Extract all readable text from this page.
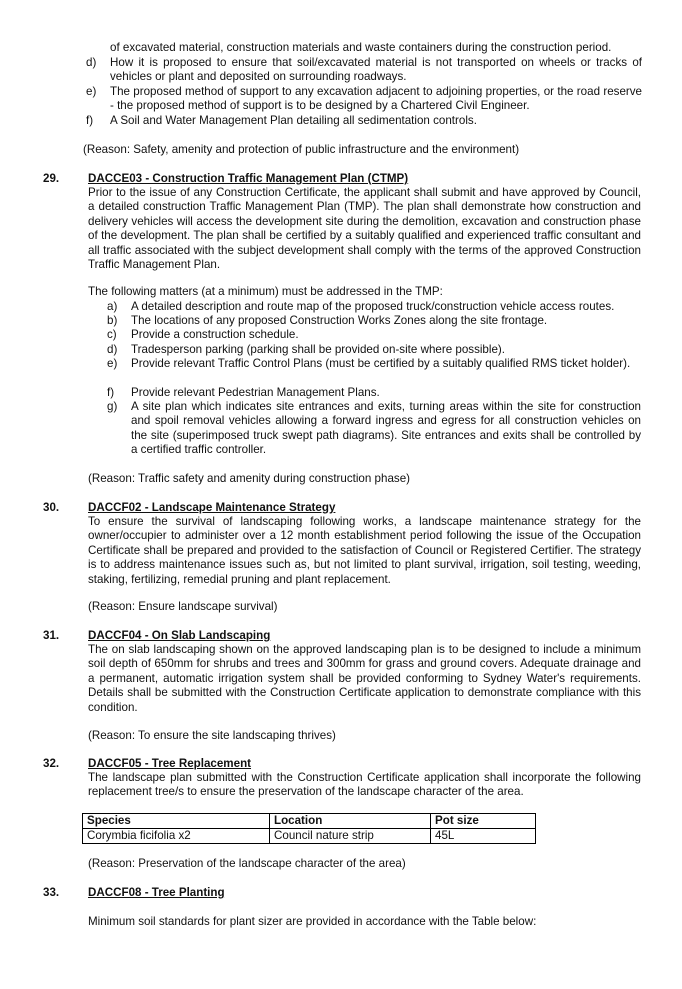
of excavated material, construction materials and waste containers during the construction period.
d) How it is proposed to ensure that soil/excavated material is not transported on wheels or tracks of vehicles or plant and deposited on surrounding roadways.
e) The proposed method of support to any excavation adjacent to adjoining properties, or the road reserve - the proposed method of support is to be designed by a Chartered Civil Engineer.
f) A Soil and Water Management Plan detailing all sedimentation controls.
(Reason: Safety, amenity and protection of public infrastructure and the environment)
29. DACCE03 - Construction Traffic Management Plan (CTMP)
Prior to the issue of any Construction Certificate, the applicant shall submit and have approved by Council, a detailed construction Traffic Management Plan (TMP). The plan shall demonstrate how construction and delivery vehicles will access the development site during the demolition, excavation and construction phase of the development. The plan shall be certified by a suitably qualified and experienced traffic consultant and all traffic associated with the subject development shall comply with the terms of the approved Construction Traffic Management Plan.
The following matters (at a minimum) must be addressed in the TMP:
a) A detailed description and route map of the proposed truck/construction vehicle access routes.
b) The locations of any proposed Construction Works Zones along the site frontage.
c) Provide a construction schedule.
d) Tradesperson parking (parking shall be provided on-site where possible).
e) Provide relevant Traffic Control Plans (must be certified by a suitably qualified RMS ticket holder).
f) Provide relevant Pedestrian Management Plans.
g) A site plan which indicates site entrances and exits, turning areas within the site for construction and spoil removal vehicles allowing a forward ingress and egress for all construction vehicles on the site (superimposed truck swept path diagrams). Site entrances and exits shall be controlled by a certified traffic controller.
(Reason: Traffic safety and amenity during construction phase)
30. DACCF02 - Landscape Maintenance Strategy
To ensure the survival of landscaping following works, a landscape maintenance strategy for the owner/occupier to administer over a 12 month establishment period following the issue of the Occupation Certificate shall be prepared and provided to the satisfaction of Council or Registered Certifier. The strategy is to address maintenance issues such as, but not limited to plant survival, irrigation, soil testing, weeding, staking, fertilizing, remedial pruning and plant replacement.
(Reason: Ensure landscape survival)
31. DACCF04 - On Slab Landscaping
The on slab landscaping shown on the approved landscaping plan is to be designed to include a minimum soil depth of 650mm for shrubs and trees and 300mm for grass and ground covers. Adequate drainage and a permanent, automatic irrigation system shall be provided conforming to Sydney Water's requirements. Details shall be submitted with the Construction Certificate application to demonstrate compliance with this condition.
(Reason: To ensure the site landscaping thrives)
32. DACCF05 - Tree Replacement
The landscape plan submitted with the Construction Certificate application shall incorporate the following replacement tree/s to ensure the preservation of the landscape character of the area.
Species	Location	Pot size
Corymbia ficifolia x2	Council nature strip	45L
(Reason: Preservation of the landscape character of the area)
33. DACCF08 - Tree Planting
Minimum soil standards for plant sizer are provided in accordance with the Table below:
